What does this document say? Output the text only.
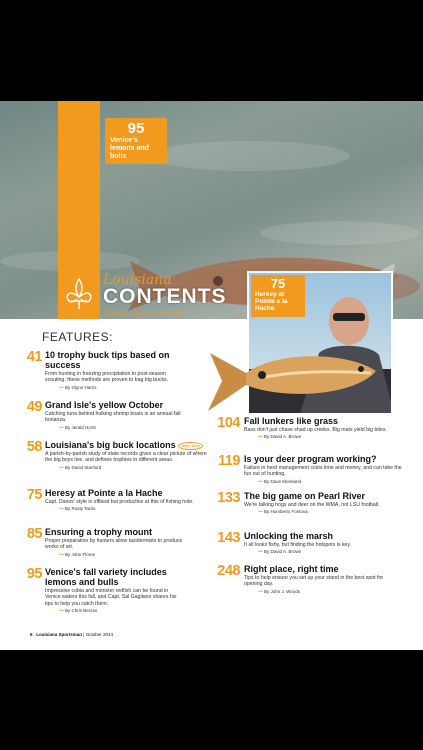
95
Venice's lemons and bulls
Louisiana
CONTENTS
Volume 34 | Number 10 | October 2014
75
Heresy at Pointe a la Hache
FEATURES:
41 10 trophy buck tips based on success
From hunting in freezing precipitation to post-season scouting, these methods are proven to bag big bucks.
••• By Glynn Harris
49 Grand Isle's yellow October
Catching tuna behind hulking shrimp boats is an annual fall bonanza.
••• By Jerald Horst
58 Louisiana's big buck locations cover story
A parish-by-parish study of state records gives a clear picture of where the big boys live, and defines trophies in different areas.
••• By David Stanford
75 Heresy at Pointe a la Hache
Capt. Danos' style is offbeat but productive at this of fishing hole.
••• By Rusty Tardo
85 Ensuring a trophy mount
Proper preparation by hunters allow taxidermists to produce works of art.
••• By John Flores
95 Venice's fall variety includes lemons and bulls
Impressive cobia and monster redfish can be found in Venice waters this fall, and Capt. Sal Gagliano shares his tips to help you catch them.
••• By Chris Berzas
104 Fall lunkers like grass
Bass don't just chase shad up creeks. Big mats yield big bites.
••• By David A. Brown
119 Is your deer program working?
Failure in herd management costs time and money, and can take the fun out of hunting.
••• By Dave Moreland
133 The big game on Pearl River
We're talking hogs and deer on the WMA, not LSU football.
••• By Humberto Fontova
143 Unlocking the marsh
It all looks fishy, but finding the hotspots is key.
••• By David A. Brown
248 Right place, right time
Tips to help ensure you set up your stand in the best spot for opening day.
••• By John J. Woods
6 Louisiana Sportsman | October 2014
